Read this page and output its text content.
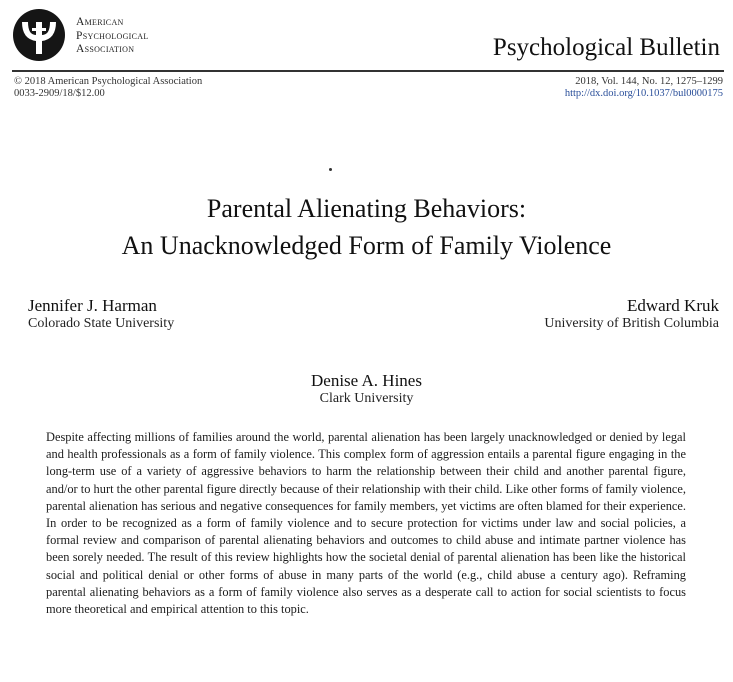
American
Psychological
Association	Psychological Bulletin
© 2018 American Psychological Association
0033-2909/18/$12.00
2018, Vol. 144, No. 12, 1275–1299
http://dx.doi.org/10.1037/bul0000175
Parental Alienating Behaviors:
An Unacknowledged Form of Family Violence
Jennifer J. Harman
Colorado State University
Edward Kruk
University of British Columbia
Denise A. Hines
Clark University

Despite affecting millions of families around the world, parental alienation has been largely unacknowledged or denied by legal and health professionals as a form of family violence. This complex form of aggression entails a parental figure engaging in the long-term use of a variety of aggressive behaviors to harm the relationship between their child and another parental figure, and/or to hurt the other parental figure directly because of their relationship with their child. Like other forms of family violence, parental alienation has serious and negative consequences for family members, yet victims are often blamed for their experience. In order to be recognized as a form of family violence and to secure protection for victims under law and social policies, a formal review and comparison of parental alienating behaviors and outcomes to child abuse and intimate partner violence has been sorely needed. The result of this review highlights how the societal denial of parental alienation has been like the historical social and political denial or other forms of abuse in many parts of the world (e.g., child abuse a century ago). Reframing parental alienating behaviors as a form of family violence also serves as a desperate call to action for social scientists to focus more theoretical and empirical attention to this topic.
